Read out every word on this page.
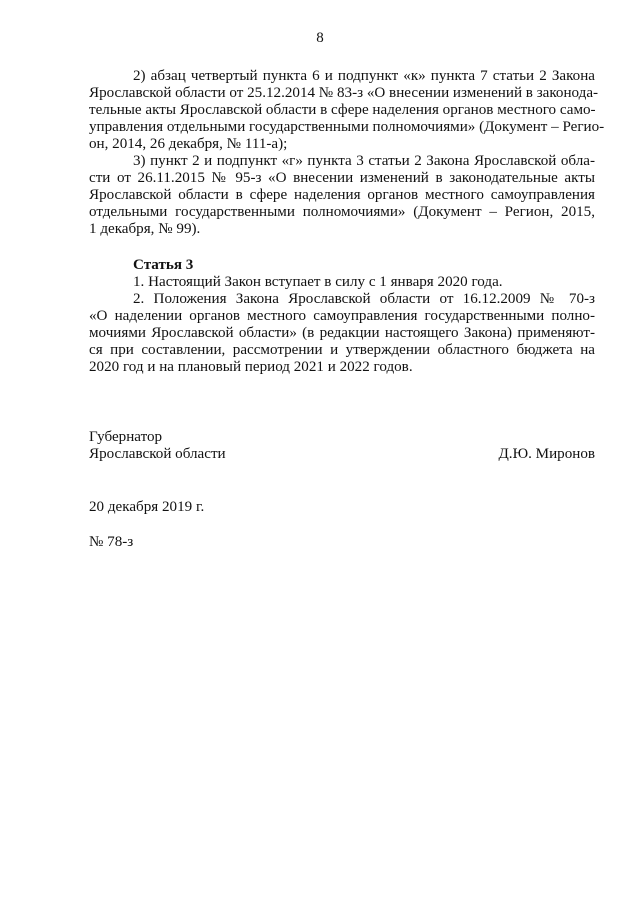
8
2) абзац четвертый пункта 6 и подпункт «к» пункта 7 статьи 2 Закона
Ярославской области от 25.12.2014 № 83-з «О внесении изменений в законода-
тельные акты Ярославской области в сфере наделения органов местного само-
управления отдельными государственными полномочиями» (Документ – Регио-
он, 2014, 26 декабря, № 111-а);
3) пункт 2 и подпункт «г» пункта 3 статьи 2 Закона Ярославской обла-
сти от 26.11.2015 № 95-з «О внесении изменений в законодательные акты
Ярославской области в сфере наделения органов местного самоуправления
отдельными государственными полномочиями» (Документ – Регион, 2015,
1 декабря, № 99).
Статья 3
1. Настоящий Закон вступает в силу с 1 января 2020 года.
2. Положения Закона Ярославской области от 16.12.2009 № 70-з
«О наделении органов местного самоуправления государственными полно-
мочиями Ярославской области» (в редакции настоящего Закона) применяют-
ся при составлении, рассмотрении и утверждении областного бюджета на
2020 год и на плановый период 2021 и 2022 годов.
Губернатор
Ярославской области	Д.Ю. Миронов
20 декабря 2019 г.
№ 78-з
